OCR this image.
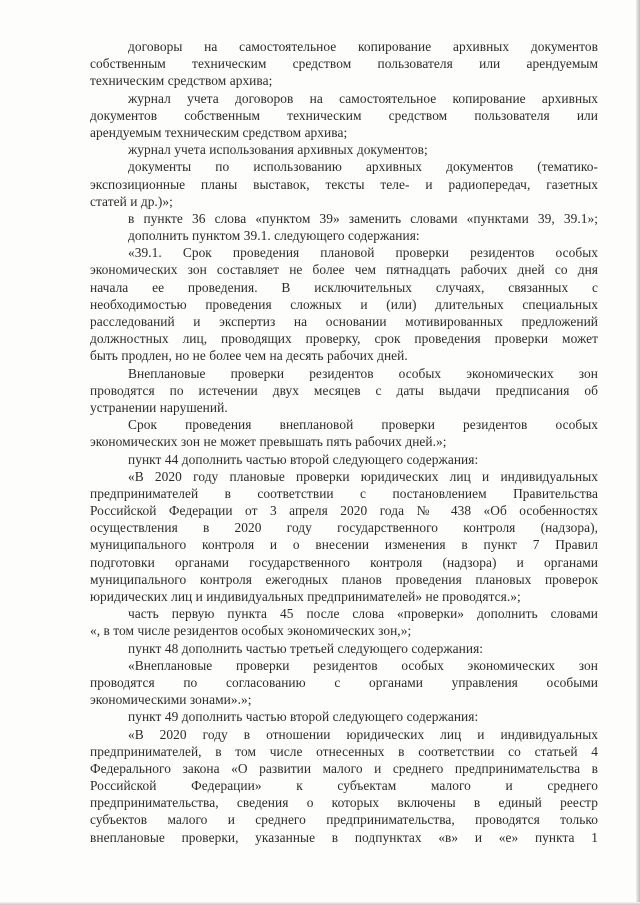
договоры на самостоятельное копирование архивных документов
собственным техническим средством пользователя или арендуемым
техническим средством архива;
журнал учета договоров на самостоятельное копирование архивных
документов собственным техническим средством пользователя или
арендуемым техническим средством архива;
журнал учета использования архивных документов;
документы по использованию архивных документов (тематико-
экспозиционные планы выставок, тексты теле- и радиопередач, газетных
статей и др.)»;
в пункте 36 слова «пунктом 39» заменить словами «пунктами 39, 39.1»;
дополнить пунктом 39.1. следующего содержания:
«39.1. Срок проведения плановой проверки резидентов особых
экономических зон составляет не более чем пятнадцать рабочих дней со дня
начала ее проведения. В исключительных случаях, связанных с
необходимостью проведения сложных и (или) длительных специальных
расследований и экспертиз на основании мотивированных предложений
должностных лиц, проводящих проверку, срок проведения проверки может
быть продлен, но не более чем на десять рабочих дней.
Внеплановые проверки резидентов особых экономических зон
проводятся по истечении двух месяцев с даты выдачи предписания об
устранении нарушений.
Срок проведения внеплановой проверки резидентов особых
экономических зон не может превышать пять рабочих дней.»;
пункт 44 дополнить частью второй следующего содержания:
«В 2020 году плановые проверки юридических лиц и индивидуальных
предпринимателей в соответствии с постановлением Правительства
Российской Федерации от 3 апреля 2020 года № 438 «Об особенностях
осуществления в 2020 году государственного контроля (надзора),
муниципального контроля и о внесении изменения в пункт 7 Правил
подготовки органами государственного контроля (надзора) и органами
муниципального контроля ежегодных планов проведения плановых проверок
юридических лиц и индивидуальных предпринимателей» не проводятся.»;
часть первую пункта 45 после слова «проверки» дополнить словами
«, в том числе резидентов особых экономических зон,»;
пункт 48 дополнить частью третьей следующего содержания:
«Внеплановые проверки резидентов особых экономических зон
проводятся по согласованию с органами управления особыми
экономическими зонами».»;
пункт 49 дополнить частью второй следующего содержания:
«В 2020 году в отношении юридических лиц и индивидуальных
предпринимателей, в том числе отнесенных в соответствии со статьей 4
Федерального закона «О развитии малого и среднего предпринимательства в
Российской Федерации» к субъектам малого и среднего
предпринимательства, сведения о которых включены в единый реестр
субъектов малого и среднего предпринимательства, проводятся только
внеплановые проверки, указанные в подпунктах «в» и «е» пункта 1
